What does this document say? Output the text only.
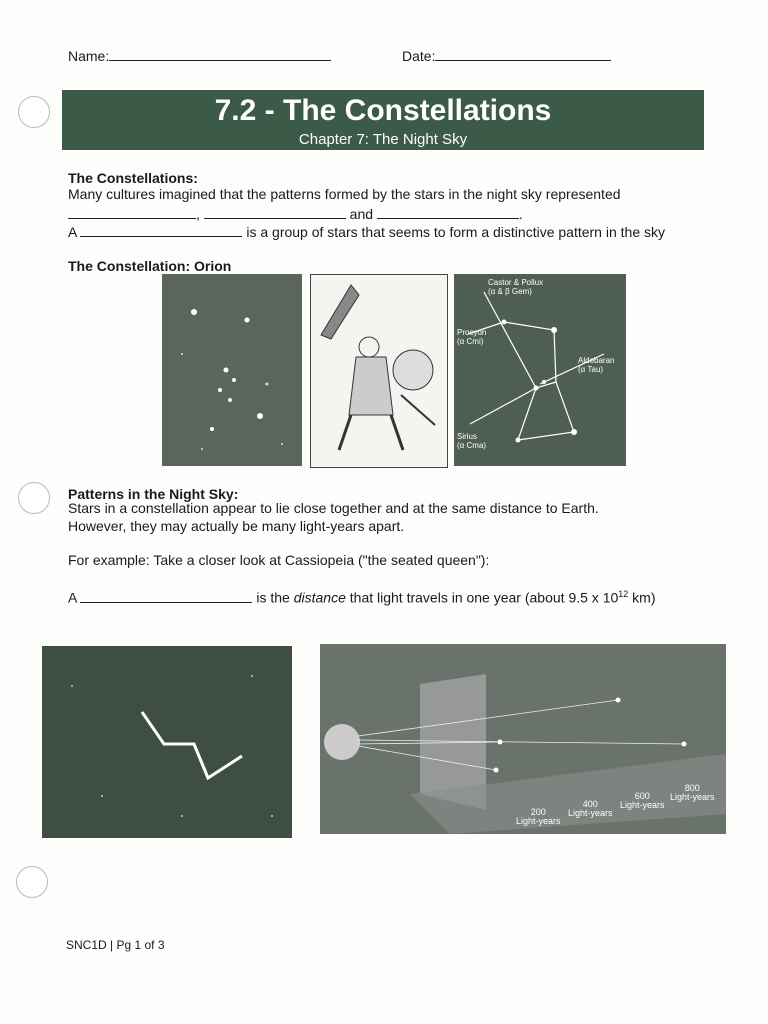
Name:	Date:
7.2 - The Constellations
Chapter 7: The Night Sky
The Constellations:
Many cultures imagined that the patterns formed by the stars in the night sky represented
,	and	.
A	is a group of stars that seems to form a distinctive pattern in the sky
The Constellation: Orion
Castor & Pollux
(α & β Gem)
Procyon
(α Cmi)
Aldebaran
(α Tau)
Sirius
(α Cma)
Patterns in the Night Sky:
Stars in a constellation appear to lie close together and at the same distance to Earth.
However, they may actually be many light-years apart.
For example: Take a closer look at Cassiopeia ("the seated queen"):
A	is the distance that light travels in one year (about 9.5 x $10^{12}$ km)
200
Light-years
400
Light-years
600
Light-years
800
Light-years
SNC1D | Pg 1 of 3
